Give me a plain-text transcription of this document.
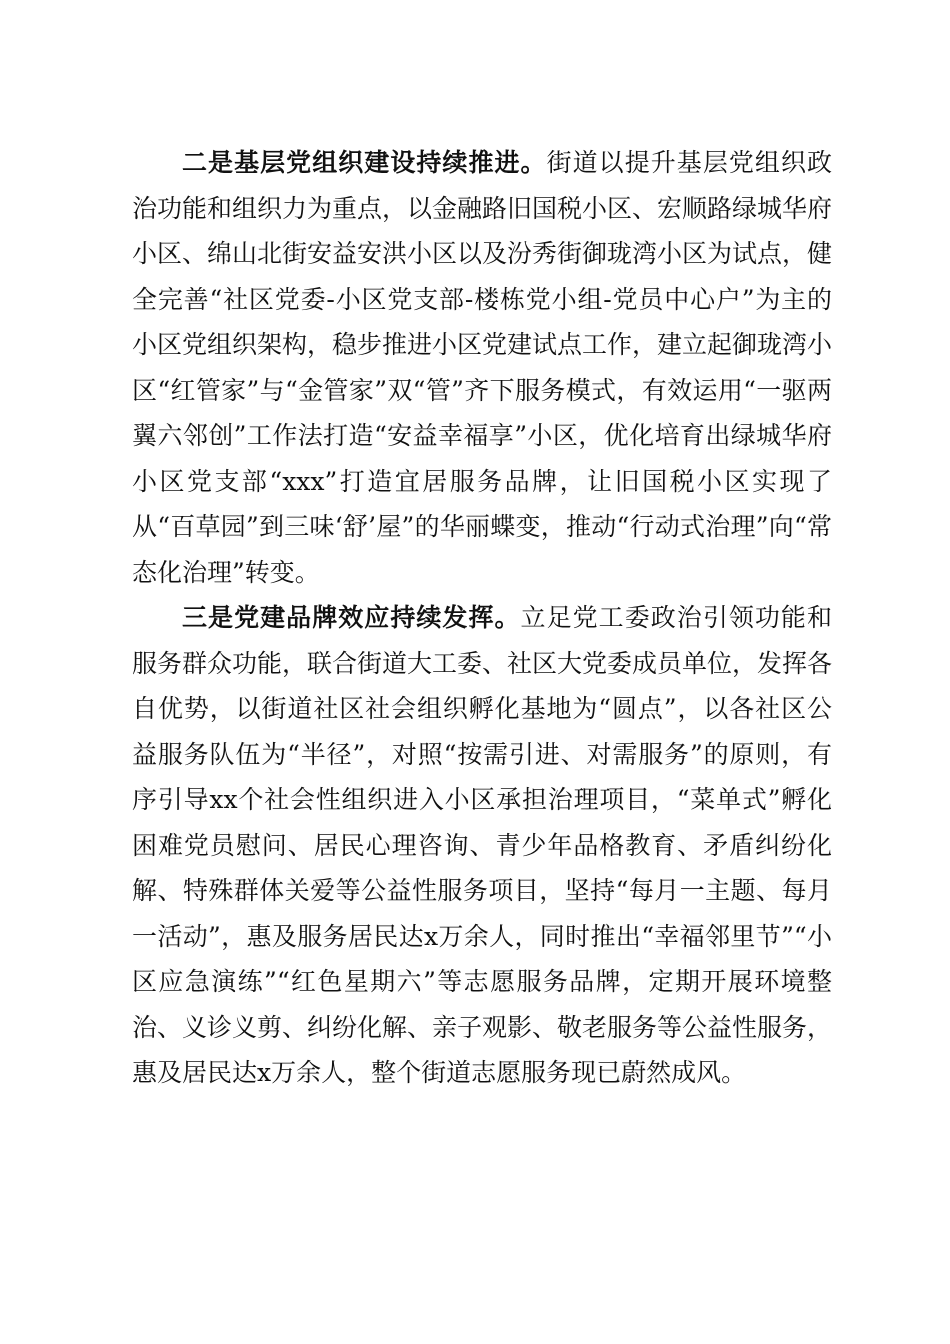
二是基层党组织建设持续推进。街道以提升基层党组织政治功能和组织力为重点，以金融路旧国税小区、宏顺路绿城华府小区、绵山北街安益安洪小区以及汾秀街御珑湾小区为试点，健全完善“社区党委-小区党支部-楼栋党小组-党员中心户”为主的小区党组织架构，稳步推进小区党建试点工作，建立起御珑湾小区“红管家”与“金管家”双“管”齐下服务模式，有效运用“一驱两翼六邻创”工作法打造“安益幸福享”小区，优化培育出绿城华府小区党支部“xxx”打造宜居服务品牌，让旧国税小区实现了从“百草园”到三味‘舒’屋”的华丽蝶变，推动“行动式治理”向“常态化治理”转变。

三是党建品牌效应持续发挥。立足党工委政治引领功能和服务群众功能，联合街道大工委、社区大党委成员单位，发挥各自优势，以街道社区社会组织孵化基地为“圆点”，以各社区公益服务队伍为“半径”，对照“按需引进、对需服务”的原则，有序引导xx个社会性组织进入小区承担治理项目，“菜单式”孵化困难党员慰问、居民心理咨询、青少年品格教育、矛盾纠纷化解、特殊群体关爱等公益性服务项目，坚持“每月一主题、每月一活动”，惠及服务居民达x万余人，同时推出“幸福邻里节”“小区应急演练”“红色星期六”等志愿服务品牌，定期开展环境整治、义诊义剪、纠纷化解、亲子观影、敬老服务等公益性服务，惠及居民达x万余人，整个街道志愿服务现已蔚然成风。
